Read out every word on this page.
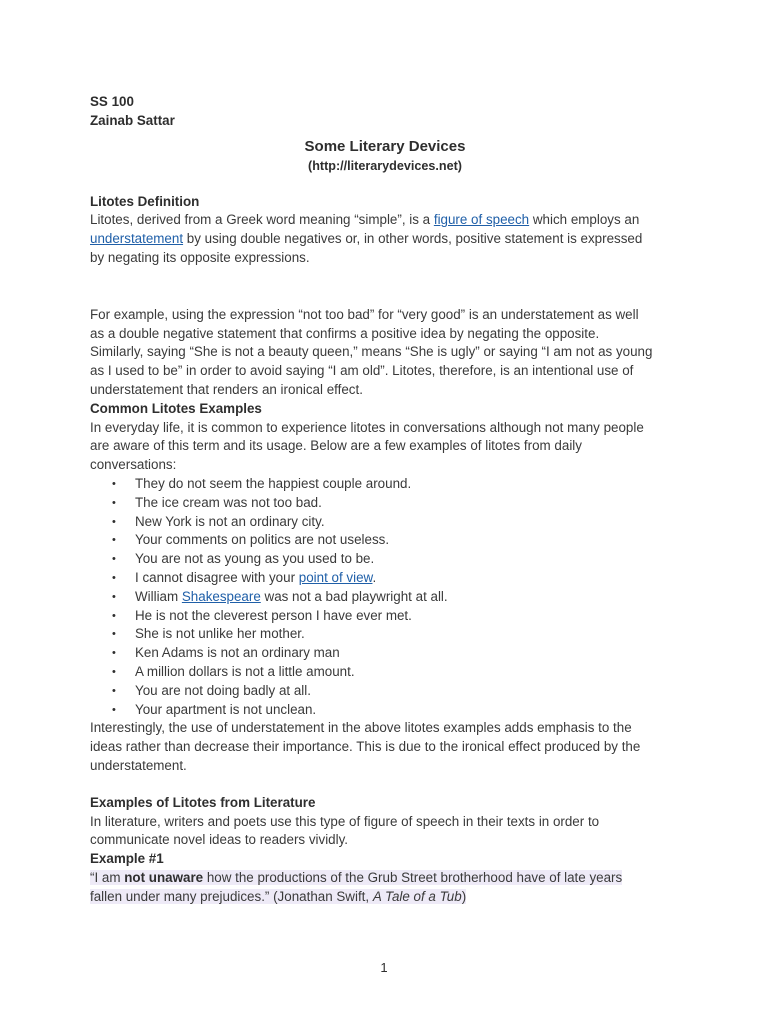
SS 100
Zainab Sattar
Some Literary Devices
(http://literarydevices.net)
Litotes Definition

Litotes, derived from a Greek word meaning “simple”, is a figure of speech which employs an

understatement by using double negatives or, in other words, positive statement is expressed

by negating its opposite expressions.

For example, using the expression “not too bad” for “very good” is an understatement as well

as a double negative statement that confirms a positive idea by negating the opposite.

Similarly, saying “She is not a beauty queen,” means “She is ugly” or saying “I am not as young

as I used to be” in order to avoid saying “I am old”. Litotes, therefore, is an intentional use of

understatement that renders an ironical effect.

Common Litotes Examples

In everyday life, it is common to experience litotes in conversations although not many people

are aware of this term and its usage. Below are a few examples of litotes from daily

conversations:

• They do not seem the happiest couple around.
• The ice cream was not too bad.
• New York is not an ordinary city.
• Your comments on politics are not useless.
• You are not as young as you used to be.
• I cannot disagree with your point of view.
• William Shakespeare was not a bad playwright at all.
• He is not the cleverest person I have ever met.
• She is not unlike her mother.
• Ken Adams is not an ordinary man
• A million dollars is not a little amount.
• You are not doing badly at all.
• Your apartment is not unclean.

Interestingly, the use of understatement in the above litotes examples adds emphasis to the

ideas rather than decrease their importance. This is due to the ironical effect produced by the

understatement.

Examples of Litotes from Literature

In literature, writers and poets use this type of figure of speech in their texts in order to

communicate novel ideas to readers vividly.

Example #1
“I am not unaware how the productions of the Grub Street brotherhood have of late years
fallen under many prejudices.” (Jonathan Swift, A Tale of a Tub)
1
